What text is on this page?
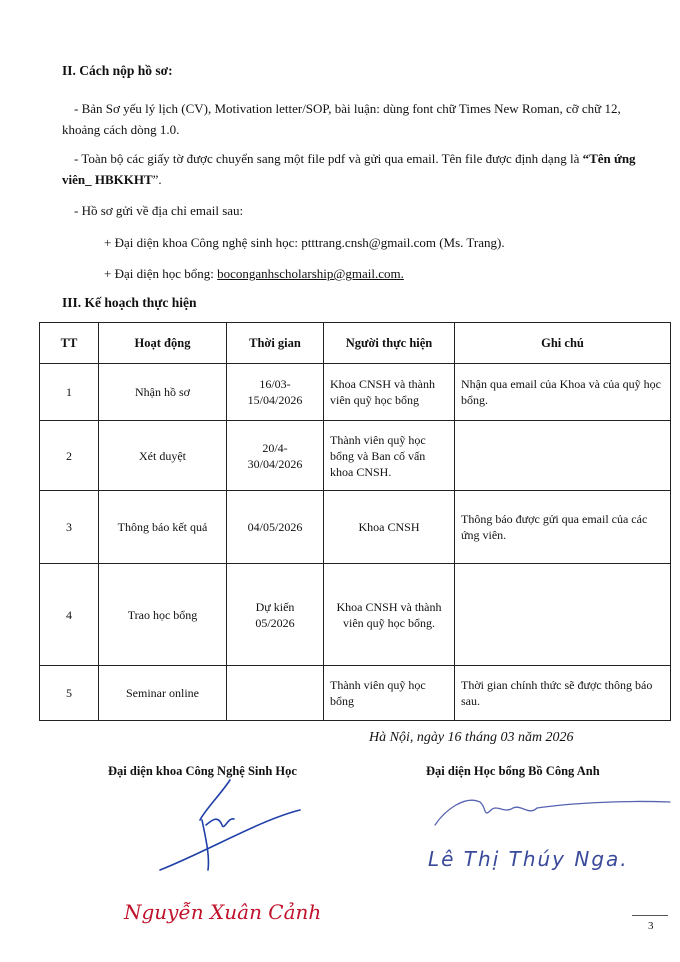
II. Cách nộp hồ sơ:
- Bản Sơ yếu lý lịch (CV), Motivation letter/SOP, bài luận: dùng font chữ Times New Roman, cỡ chữ 12, khoảng cách dòng 1.0.
- Toàn bộ các giấy tờ được chuyển sang một file pdf và gửi qua email. Tên file được định dạng là “Tên ứng viên_ HBKKHT”.
- Hồ sơ gửi về địa chỉ email sau:
+ Đại diện khoa Công nghệ sinh học: ptttrang.cnsh@gmail.com (Ms. Trang).
+ Đại diện học bổng: boconganhscholarship@gmail.com.
III. Kế hoạch thực hiện
TT	Hoạt động	Thời gian	Người thực hiện	Ghi chú
1	Nhận hồ sơ	16/03-
15/04/2026	Khoa CNSH và thành viên quỹ học bổng	Nhận qua email của Khoa và của quỹ học bổng.
2	Xét duyệt	20/4-
30/04/2026	Thành viên quỹ học bổng và Ban cố vấn khoa CNSH.	
3	Thông báo kết quả	04/05/2026	Khoa CNSH	Thông báo được gửi qua email của các ứng viên.
4	Trao học bổng	Dự kiến
05/2026	Khoa CNSH và thành viên quỹ học bổng.	
5	Seminar online		Thành viên quỹ học bổng	Thời gian chính thức sẽ được thông báo sau.
Hà Nội, ngày 16 tháng 03 năm 2026
Đại diện khoa Công Nghệ Sinh Học
Nguyễn Xuân Cảnh
Đại diện Học bổng Bồ Công Anh
Lê Thị Thúy Nga.
3
